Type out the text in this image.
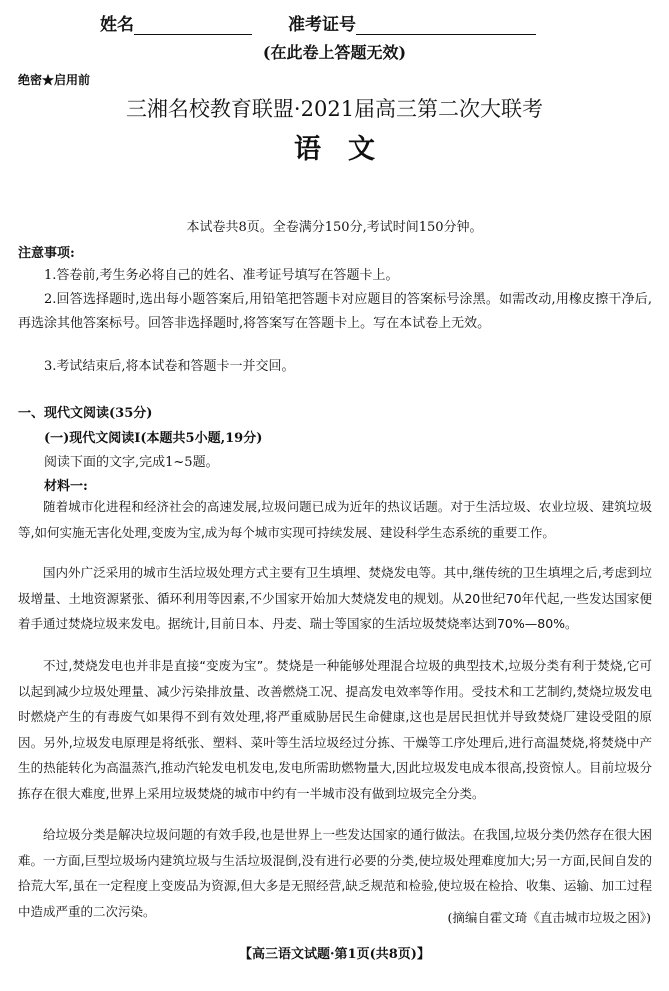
姓名	准考证号
(在此卷上答题无效)
绝密★启用前
三湘名校教育联盟·2021届高三第二次大联考
语　文
本试卷共8页。全卷满分150分,考试时间150分钟。
注意事项:
1.答卷前,考生务必将自己的姓名、准考证号填写在答题卡上。
2.回答选择题时,选出每小题答案后,用铅笔把答题卡对应题目的答案标号涂黑。如需改动,用橡皮擦干净后,再选涂其他答案标号。回答非选择题时,将答案写在答题卡上。写在本试卷上无效。
3.考试结束后,将本试卷和答题卡一并交回。
一、现代文阅读(35分)
(一)现代文阅读Ⅰ(本题共5小题,19分)
阅读下面的文字,完成1~5题。
材料一:
随着城市化进程和经济社会的高速发展,垃圾问题已成为近年的热议话题。对于生活垃圾、农业垃圾、建筑垃圾等,如何实施无害化处理,变废为宝,成为每个城市实现可持续发展、建设科学生态系统的重要工作。
国内外广泛采用的城市生活垃圾处理方式主要有卫生填埋、焚烧发电等。其中,继传统的卫生填埋之后,考虑到垃圾增量、土地资源紧张、循环利用等因素,不少国家开始加大焚烧发电的规划。从20世纪70年代起,一些发达国家便着手通过焚烧垃圾来发电。据统计,目前日本、丹麦、瑞士等国家的生活垃圾焚烧率达到70%—80%。
不过,焚烧发电也并非是直接“变废为宝”。焚烧是一种能够处理混合垃圾的典型技术,垃圾分类有利于焚烧,它可以起到减少垃圾处理量、减少污染排放量、改善燃烧工况、提高发电效率等作用。受技术和工艺制约,焚烧垃圾发电时燃烧产生的有毒废气如果得不到有效处理,将严重威胁居民生命健康,这也是居民担忧并导致焚烧厂建设受阻的原因。另外,垃圾发电原理是将纸张、塑料、菜叶等生活垃圾经过分拣、干燥等工序处理后,进行高温焚烧,将焚烧中产生的热能转化为高温蒸汽,推动汽轮发电机发电,发电所需助燃物量大,因此垃圾发电成本很高,投资惊人。目前垃圾分拣存在很大难度,世界上采用垃圾焚烧的城市中约有一半城市没有做到垃圾完全分类。
给垃圾分类是解决垃圾问题的有效手段,也是世界上一些发达国家的通行做法。在我国,垃圾分类仍然存在很大困难。一方面,巨型垃圾场内建筑垃圾与生活垃圾混倒,没有进行必要的分类,使垃圾处理难度加大;另一方面,民间自发的拾荒大军,虽在一定程度上变废品为资源,但大多是无照经营,缺乏规范和检验,使垃圾在检拾、收集、运输、加工过程中造成严重的二次污染。	(摘编自霍文琦《直击城市垃圾之困》)
【高三语文试题·第1页(共8页)】
